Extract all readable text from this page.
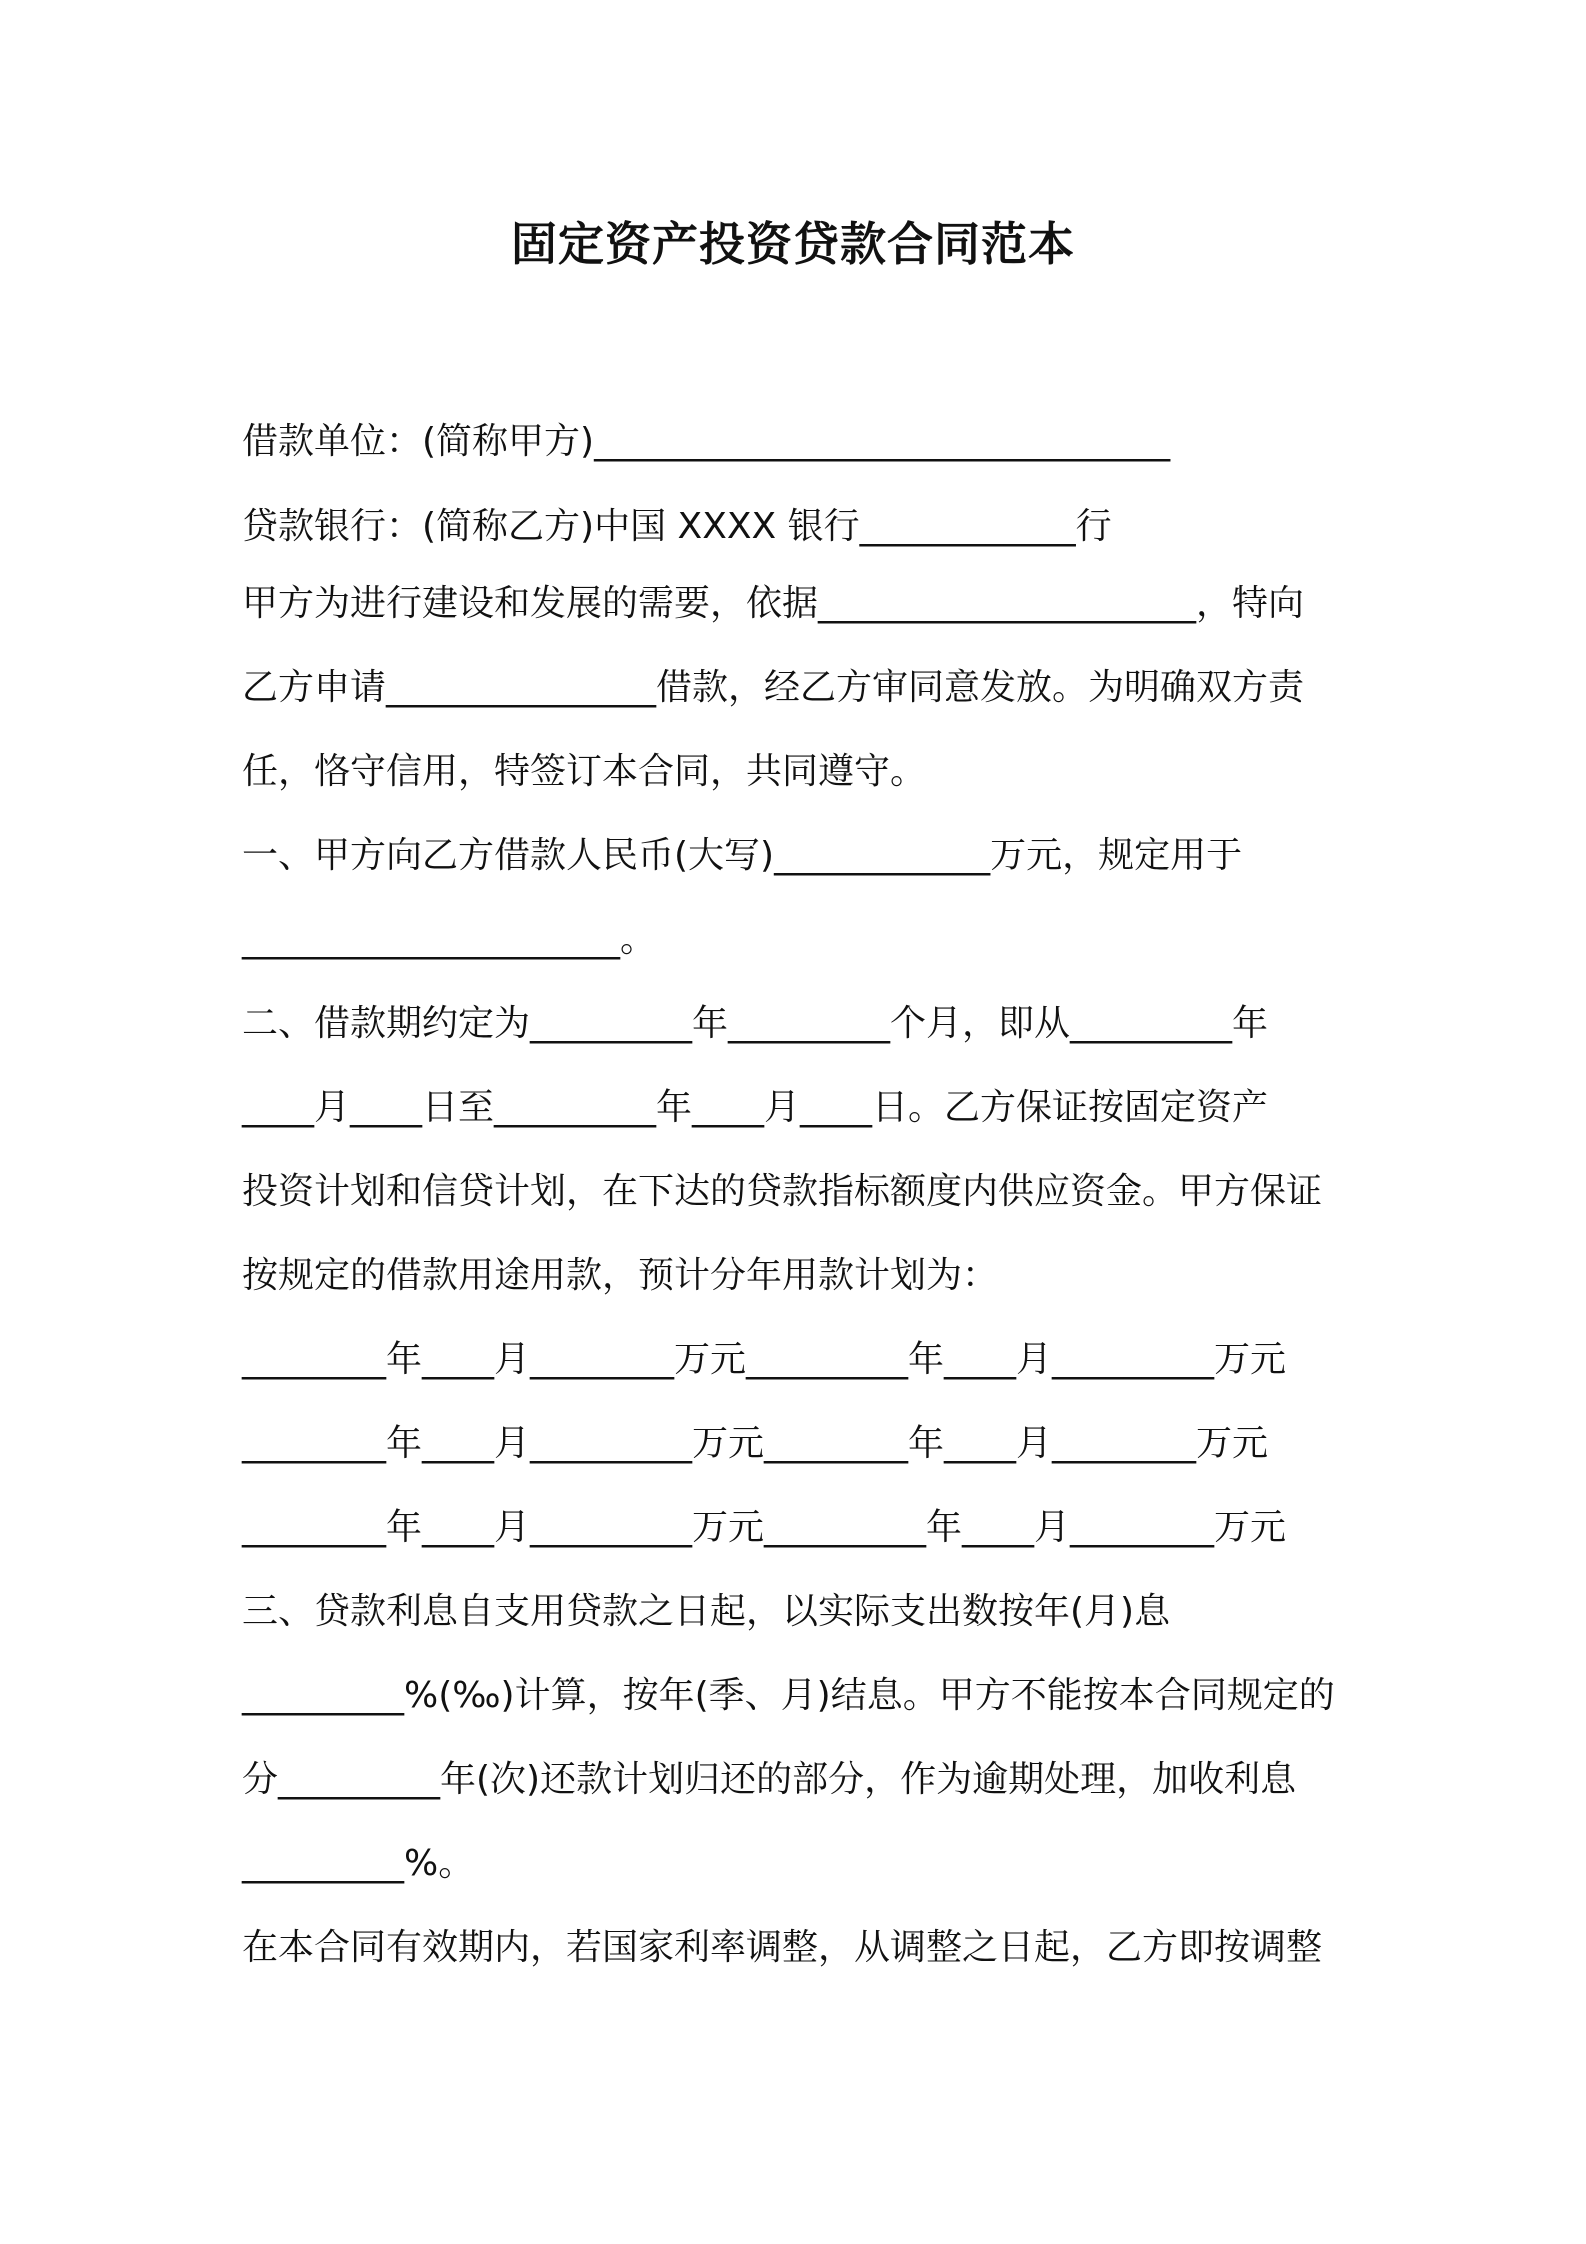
固定资产投资贷款合同范本
借款单位：(简称甲方)________________________________
贷款银行：(简称乙方)中国 XXXX 银行____________行
甲方为进行建设和发展的需要，依据_____________________，特向
乙方申请_______________借款，经乙方审同意发放。为明确双方责
任，恪守信用，特签订本合同，共同遵守。
一、甲方向乙方借款人民币(大写)____________万元，规定用于
_____________________。
二、借款期约定为_________年_________个月，即从_________年
____月____日至_________年____月____日。乙方保证按固定资产
投资计划和信贷计划，在下达的贷款指标额度内供应资金。甲方保证
按规定的借款用途用款，预计分年用款计划为：
________年____月________万元_________年____月_________万元
________年____月_________万元________年____月________万元
________年____月_________万元_________年____月________万元
三、贷款利息自支用贷款之日起，以实际支出数按年(月)息
_________%(‰)计算，按年(季、月)结息。甲方不能按本合同规定的
分_________年(次)还款计划归还的部分，作为逾期处理，加收利息
_________%。
在本合同有效期内，若国家利率调整，从调整之日起，乙方即按调整
